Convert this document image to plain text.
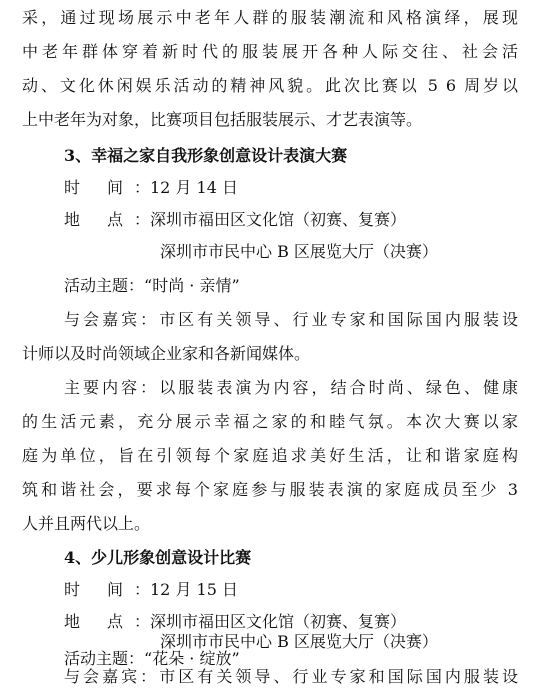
采，通过现场展示中老年人群的服装潮流和风格演绎，展现
中老年群体穿着新时代的服装展开各种人际交往、社会活
动、文化休闲娱乐活动的精神风貌。此次比赛以 5 6 周岁以
上中老年为对象，比赛项目包括服装展示、才艺表演等。
3、幸福之家自我形象创意设计表演大赛
时 间：12 月 14 日
地 点：深圳市福田区文化馆（初赛、复赛）
深圳市市民中心 B 区展览大厅（决赛）
活动主题：“时尚 · 亲情”
与会嘉宾：市区有关领导、行业专家和国际国内服装设
计师以及时尚领域企业家和各新闻媒体。
主要内容：以服装表演为内容，结合时尚、绿色、健康
的生活元素，充分展示幸福之家的和睦气氛。本次大赛以家
庭为单位，旨在引领每个家庭追求美好生活，让和谐家庭构
筑和谐社会，要求每个家庭参与服装表演的家庭成员至少 3
人并且两代以上。
4、少儿形象创意设计比赛
时 间：12 月 15 日
地 点：深圳市福田区文化馆（初赛、复赛）
深圳市市民中心 B 区展览大厅（决赛）
活动主题：“花朵 · 绽放”
与会嘉宾：市区有关领导、行业专家和国际国内服装设
